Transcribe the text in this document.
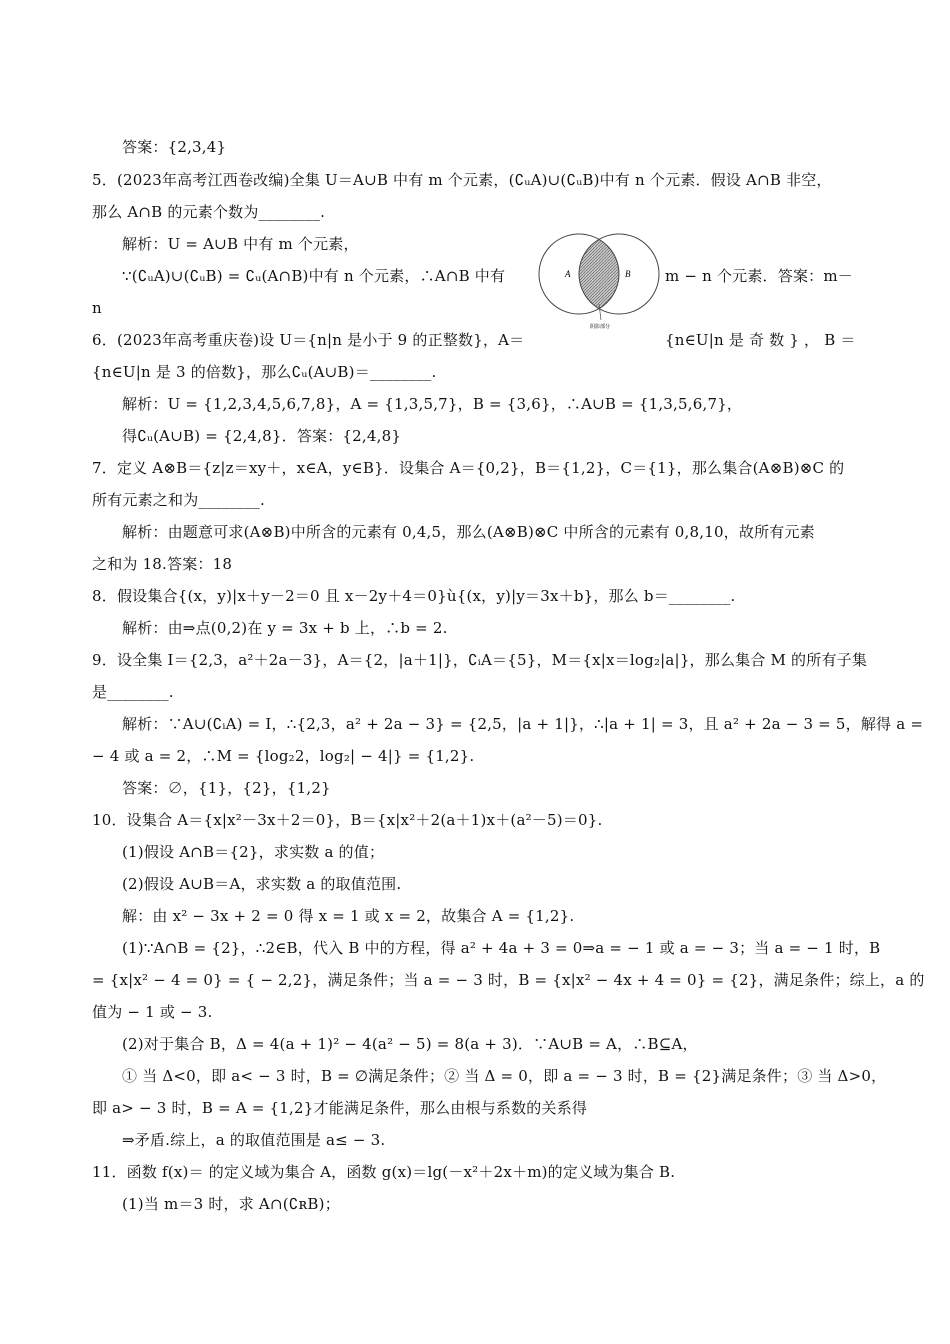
答案：{2,3,4}
5．(2023年高考江西卷改编)全集 U＝A∪B 中有 m 个元素，(∁ᵤA)∪(∁ᵤB)中有 n 个元素．假设 A∩B 非空，
那么 A∩B 的元素个数为________.
解析：U = A∪B 中有 m 个元素，
∵(∁ᵤA)∪(∁ᵤB) = ∁ᵤ(A∩B)中有 n 个元素，∴A∩B 中有	m − n 个元素．答案：m－
n
6．(2023年高考重庆卷)设 U＝{n|n 是小于 9 的正整数}，A＝	{n∈U|n 是 奇 数 } ， B ＝
{n∈U|n 是 3 的倍数}，那么∁ᵤ(A∪B)＝________.
解析：U = {1,2,3,4,5,6,7,8}，A = {1,3,5,7}，B = {3,6}，∴A∪B = {1,3,5,6,7}，
得∁ᵤ(A∪B) = {2,4,8}．答案：{2,4,8}
7．定义 A⊗B＝{z|z＝xy＋，x∈A，y∈B}．设集合 A＝{0,2}，B＝{1,2}，C＝{1}，那么集合(A⊗B)⊗C 的
所有元素之和为________.
解析：由题意可求(A⊗B)中所含的元素有 0,4,5，那么(A⊗B)⊗C 中所含的元素有 0,8,10，故所有元素
之和为 18.答案：18
8．假设集合{(x，y)|x＋y－2＝0 且 x－2y＋4＝0}ù{(x，y)|y＝3x＋b}，那么 b＝________.
解析：由⇒点(0,2)在 y = 3x + b 上，∴b = 2.
9．设全集 I＝{2,3，a²＋2a－3}，A＝{2，|a＋1|}，∁ᵢA＝{5}，M＝{x|x＝log₂|a|}，那么集合 M 的所有子集
是________.
解析：∵A∪(∁ᵢA) = I，∴{2,3，a² + 2a − 3} = {2,5，|a + 1|}，∴|a + 1| = 3，且 a² + 2a − 3 = 5，解得 a =
− 4 或 a = 2，∴M = {log₂2，log₂| − 4|} = {1,2}.
答案：∅，{1}，{2}，{1,2}
10．设集合 A＝{x|x²－3x＋2＝0}，B＝{x|x²＋2(a＋1)x＋(a²－5)＝0}.
(1)假设 A∩B＝{2}，求实数 a 的值；
(2)假设 A∪B＝A，求实数 a 的取值范围.
解：由 x² − 3x + 2 = 0 得 x = 1 或 x = 2，故集合 A = {1,2}.
(1)∵A∩B = {2}，∴2∈B，代入 B 中的方程，得 a² + 4a + 3 = 0⇒a = − 1 或 a = − 3；当 a = − 1 时，B
= {x|x² − 4 = 0} = { − 2,2}，满足条件；当 a = − 3 时，B = {x|x² − 4x + 4 = 0} = {2}，满足条件；综上，a 的
值为 − 1 或 − 3.
(2)对于集合 B，Δ = 4(a + 1)² − 4(a² − 5) = 8(a + 3)．∵A∪B = A，∴B⊆A，
① 当 Δ<0，即 a< − 3 时，B = ∅满足条件；② 当 Δ = 0，即 a = − 3 时，B = {2}满足条件；③ 当 Δ>0，
即 a> − 3 时，B = A = {1,2}才能满足条件，那么由根与系数的关系得
⇒矛盾.综上，a 的取值范围是 a≤ − 3.
11．函数 f(x)＝ 的定义域为集合 A，函数 g(x)＝lg(－x²＋2x＋m)的定义域为集合 B.
(1)当 m＝3 时，求 A∩(∁ʀB)；
A	B
阴影部分
